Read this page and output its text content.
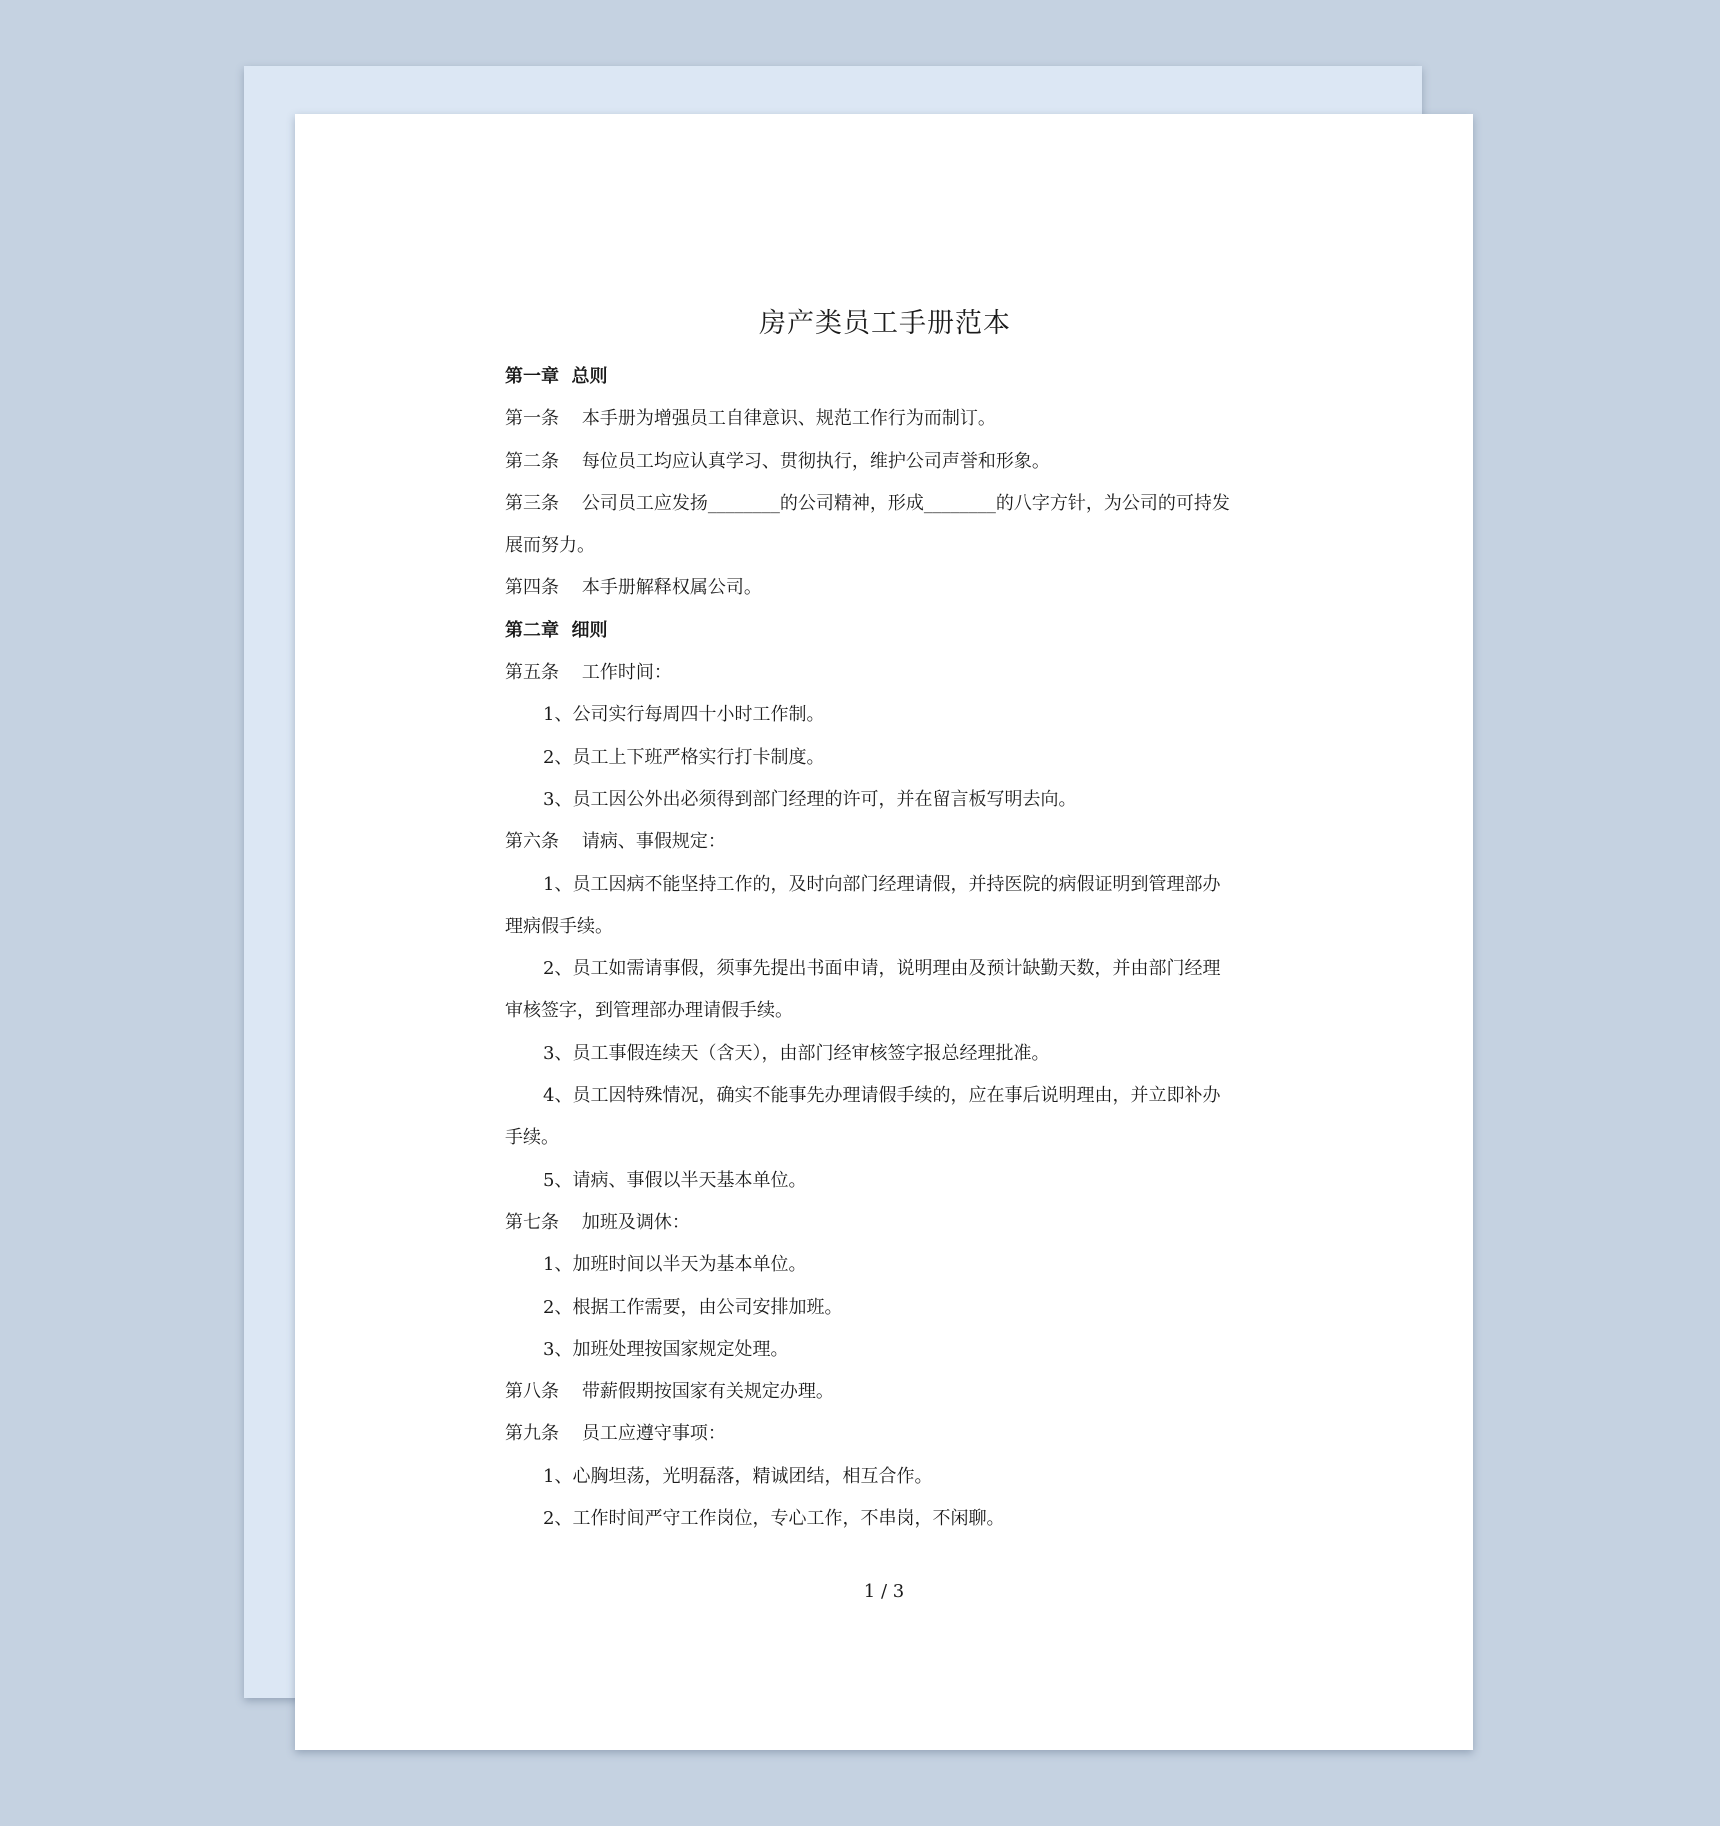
房产类员工手册范本

第一章  总则

第一条    本手册为增强员工自律意识、规范工作行为而制订。

第二条    每位员工均应认真学习、贯彻执行，维护公司声誉和形象。

第三条    公司员工应发扬________的公司精神，形成________的八字方针，为公司的可持发

展而努力。

第四条    本手册解释权属公司。

第二章  细则

第五条    工作时间：

1、公司实行每周四十小时工作制。

2、员工上下班严格实行打卡制度。

3、员工因公外出必须得到部门经理的许可，并在留言板写明去向。

第六条    请病、事假规定：

1、员工因病不能坚持工作的，及时向部门经理请假，并持医院的病假证明到管理部办

理病假手续。

2、员工如需请事假，须事先提出书面申请，说明理由及预计缺勤天数，并由部门经理

审核签字，到管理部办理请假手续。

3、员工事假连续天（含天），由部门经审核签字报总经理批准。

4、员工因特殊情况，确实不能事先办理请假手续的，应在事后说明理由，并立即补办

手续。

5、请病、事假以半天基本单位。

第七条    加班及调休：

1、加班时间以半天为基本单位。

2、根据工作需要，由公司安排加班。

3、加班处理按国家规定处理。

第八条    带薪假期按国家有关规定办理。

第九条    员工应遵守事项：

1、心胸坦荡，光明磊落，精诚团结，相互合作。

2、工作时间严守工作岗位，专心工作，不串岗，不闲聊。

1 / 3
